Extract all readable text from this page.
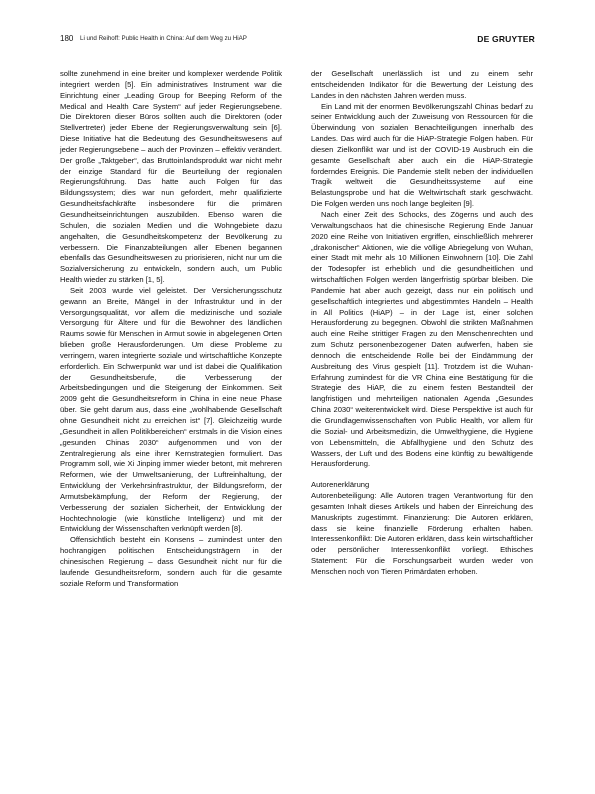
180 Li und Reihoff: Public Health in China: Auf dem Weg zu HiAP	DE GRUYTER

sollte zunehmend in eine breiter und komplexer werdende Politik integriert werden [5]. Ein administratives Instrument war die Einrichtung einer „Leading Group for Beeping Reform of the Medical and Health Care System“ auf jeder Regierungsebene. Die Direktoren dieser Büros sollten auch die Direktoren (oder Stellvertreter) jeder Ebene der Regierungsverwaltung sein [6]. Diese Initiative hat die Bedeutung des Gesundheitswesens auf jeder Regierungsebene – auch der Provinzen – effektiv verändert. Der große „Taktgeber“, das Bruttoinlandsprodukt war nicht mehr der einzige Standard für die Beurteilung der regionalen Regierungsführung. Das hatte auch Folgen für das Bildungssystem; dies war nun gefordert, mehr qualifizierte Gesundheitsfachkräfte insbesondere für die primären Gesundheitseinrichtungen auszubilden. Ebenso waren die Schulen, die sozialen Medien und die Wohngebiete dazu angehalten, die Gesundheitskompetenz der Bevölkerung zu verbessern. Die Finanzabteilungen aller Ebenen begannen ebenfalls das Gesundheitswesen zu priorisieren, nicht nur um die Sozialversicherung zu entwickeln, sondern auch, um Public Health wieder zu stärken [1, 5].

Seit 2003 wurde viel geleistet. Der Versicherungsschutz gewann an Breite, Mängel in der Infrastruktur und in der Versorgungsqualität, vor allem die medizinische und soziale Versorgung für Ältere und für die Bewohner des ländlichen Raums sowie für Menschen in Armut sowie in abgelegenen Orten blieben große Herausforderungen. Um diese Probleme zu verringern, waren integrierte soziale und wirtschaftliche Konzepte erforderlich. Ein Schwerpunkt war und ist dabei die Qualifikation der Gesundheitsberufe, die Verbesserung der Arbeitsbedingungen und die Steigerung der Einkommen. Seit 2009 geht die Gesundheitsreform in China in eine neue Phase über. Sie geht darum aus, dass eine „wohlhabende Gesellschaft ohne Gesundheit nicht zu erreichen ist“ [7]. Gleichzeitig wurde „Gesundheit in allen Politikbereichen“ erstmals in die Vision eines „gesunden Chinas 2030“ aufgenommen und von der Zentralregierung als eine ihrer Kernstrategien formuliert. Das Programm soll, wie Xi Jinping immer wieder betont, mit mehreren Reformen, wie der Umweltsanierung, der Luftreinhaltung, der Entwicklung der Verkehrsinfrastruktur, der Bildungsreform, der Armutsbekämpfung, der Reform der Regierung, der Verbesserung der sozialen Sicherheit, der Entwicklung der Hochtechnologie (wie künstliche Intelligenz) und mit der Entwicklung der Wissenschaften verknüpft werden [8].

Offensichtlich besteht ein Konsens – zumindest unter den hochrangigen politischen Entscheidungsträgern in der chinesischen Regierung – dass Gesundheit nicht nur für die laufende Gesundheitsreform, sondern auch für die gesamte soziale Reform und Transformation

der Gesellschaft unerlässlich ist und zu einem sehr entscheidenden Indikator für die Bewertung der Leistung des Landes in den nächsten Jahren werden muss.

Ein Land mit der enormen Bevölkerungszahl Chinas bedarf zu seiner Entwicklung auch der Zuweisung von Ressourcen für die Überwindung von sozialen Benachteiligungen innerhalb des Landes. Das wird auch für die HiAP-Strategie Folgen haben. Für diesen Zielkonflikt war und ist der COVID-19 Ausbruch ein die gesamte Gesellschaft aber auch ein die HiAP-Strategie forderndes Ereignis. Die Pandemie stellt neben der individuellen Tragik weltweit die Gesundheitssysteme auf eine Belastungsprobe und hat die Weltwirtschaft stark geschwächt. Die Folgen werden uns noch lange begleiten [9].

Nach einer Zeit des Schocks, des Zögerns und auch des Verwaltungschaos hat die chinesische Regierung Ende Januar 2020 eine Reihe von Initiativen ergriffen, einschließlich mehrerer „drakonischer“ Aktionen, wie die völlige Abriegelung von Wuhan, einer Stadt mit mehr als 10 Millionen Einwohnern [10]. Die Zahl der Todesopfer ist erheblich und die gesundheitlichen und wirtschaftlichen Folgen werden längerfristig spürbar bleiben. Die Pandemie hat aber auch gezeigt, dass nur ein politisch und gesellschaftlich integriertes und abgestimmtes Handeln – Health in All Politics (HiAP) – in der Lage ist, einer solchen Herausforderung zu begegnen. Obwohl die strikten Maßnahmen auch eine Reihe strittiger Fragen zu den Menschenrechten und zum Schutz personenbezogener Daten aufwerfen, haben sie dennoch die entscheidende Rolle bei der Eindämmung der Ausbreitung des Virus gespielt [11]. Trotzdem ist die Wuhan-Erfahrung zumindest für die VR China eine Bestätigung für die Strategie des HiAP, die zu einem festen Bestandteil der langfristigen und mehrteiligen nationalen Agenda „Gesundes China 2030“ weiterentwickelt wird. Diese Perspektive ist auch für die Grundlagenwissenschaften von Public Health, vor allem für die Sozial- und Arbeitsmedizin, die Umwelthygiene, die Hygiene von Lebensmitteln, die Abfallhygiene und den Schutz des Wassers, der Luft und des Bodens eine künftig zu bewältigende Herausforderung.

Autorenerklärung

Autorenbeteiligung: Alle Autoren tragen Verantwortung für den gesamten Inhalt dieses Artikels und haben der Einreichung des Manuskripts zugestimmt. Finanzierung: Die Autoren erklären, dass sie keine finanzielle Förderung erhalten haben. Interessenkonflikt: Die Autoren erklären, dass kein wirtschaftlicher oder persönlicher Interessenkonflikt vorliegt. Ethisches Statement: Für die Forschungsarbeit wurden weder von Menschen noch von Tieren Primärdaten erhoben.
